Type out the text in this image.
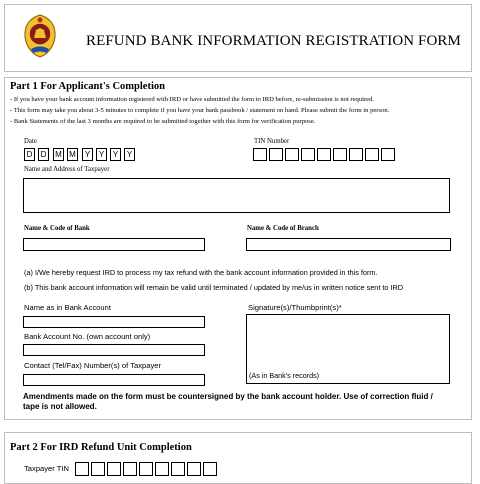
REFUND BANK INFORMATION REGISTRATION FORM
Part 1 For Applicant's Completion
- If you have your bank account information registered with IRD or have submitted the form to IRD before, re-submission is not required.
- This form may take you about 3-5 minutes to complete if you have your bank passbook / statement on hand. Please submit the form in person.
- Bank Statements of the last 3 months are required to be submitted together with this form for verification purpose.
Date
D	D	M M	Y	Y	Y	Y
TIN Number
Name and Address of Taxpayer
Name & Code of Bank	Name & Code of Branch
(a) I/We hereby request IRD to process my tax refund with the bank account information provided in this form.
(b) This bank account information will remain be valid until terminated / updated by me/us in written notice sent to IRD
Name as in Bank Account
Bank Account No. (own account only)
Contact (Tel/Fax) Number(s) of Taxpayer
Signature(s)/Thumbprint(s)*
(As in Bank's records)
Amendments made on the form must be countersigned by the bank account holder. Use of correction fluid / tape is not allowed.
Part 2 For IRD Refund Unit Completion
Taxpayer TIN
